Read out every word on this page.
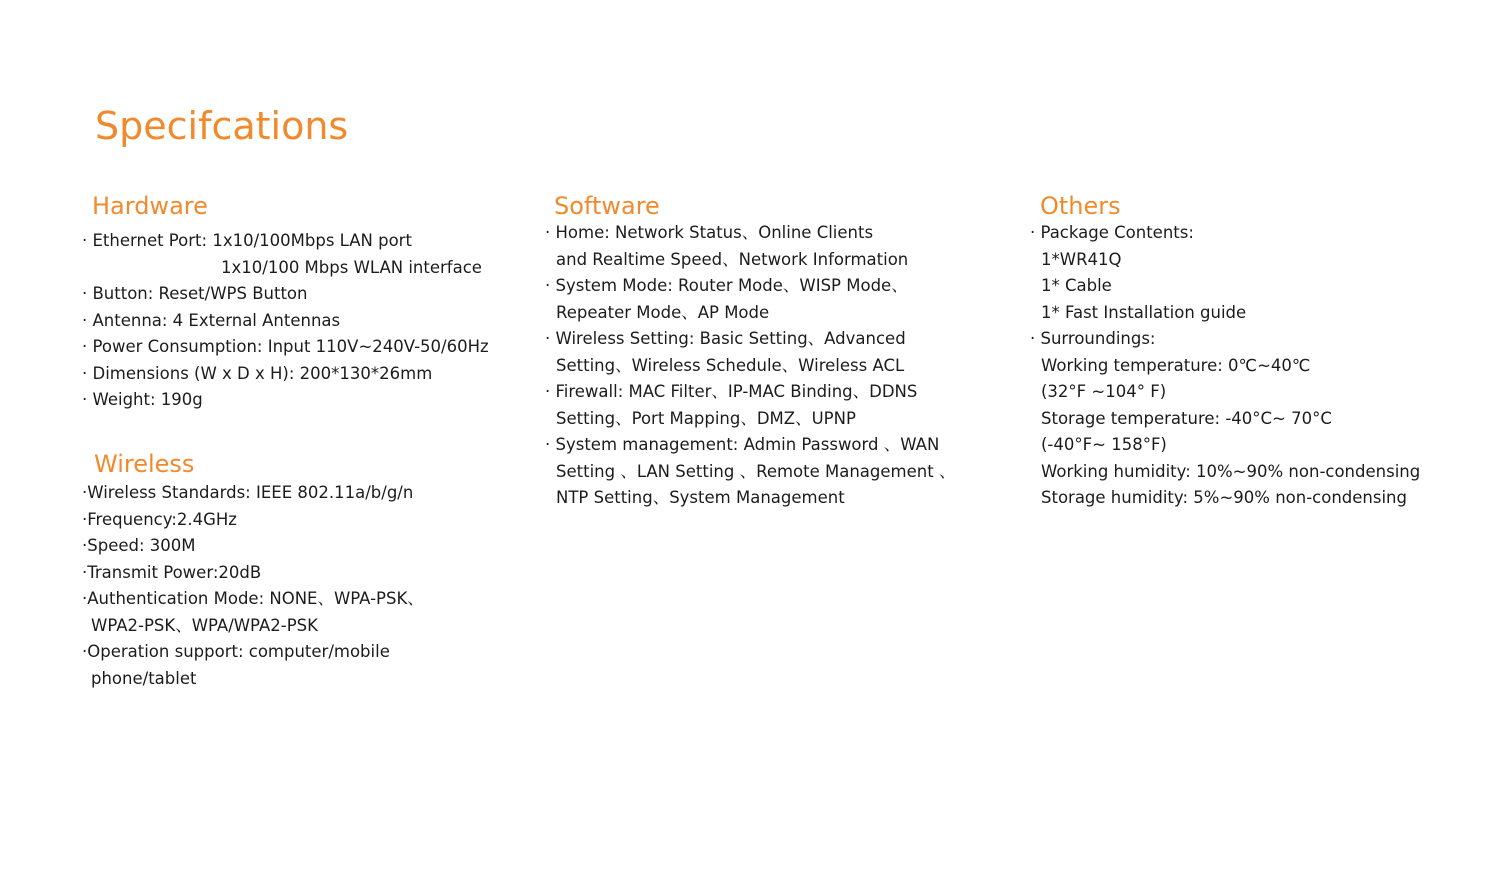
Specifcations
Hardware
· Ethernet Port: 1x10/100Mbps LAN port
1x10/100 Mbps WLAN interface
· Button: Reset/WPS Button
· Antenna: 4 External Antennas
· Power Consumption: Input 110V~240V-50/60Hz
· Dimensions (W x D x H): 200*130*26mm
· Weight: 190g
Wireless
·Wireless Standards: IEEE 802.11a/b/g/n
·Frequency:2.4GHz
·Speed: 300M
·Transmit Power:20dB
·Authentication Mode: NONE、WPA-PSK、
WPA2-PSK、WPA/WPA2-PSK
·Operation support: computer/mobile
phone/tablet
Software
· Home: Network Status、Online Clients
and Realtime Speed、Network Information
· System Mode: Router Mode、WISP Mode、
Repeater Mode、AP Mode
· Wireless Setting: Basic Setting、Advanced
Setting、Wireless Schedule、Wireless ACL
· Firewall: MAC Filter、IP-MAC Binding、DDNS
Setting、Port Mapping、DMZ、UPNP
· System management: Admin Password 、WAN
Setting 、LAN Setting 、Remote Management 、
NTP Setting、System Management
Others
· Package Contents:
1*WR41Q
1* Cable
1* Fast Installation guide
· Surroundings:
Working temperature: 0℃~40℃
(32°F ~104° F)
Storage temperature: -40°C~ 70°C
(-40°F~ 158°F)
Working humidity: 10%~90% non-condensing
Storage humidity: 5%~90% non-condensing
